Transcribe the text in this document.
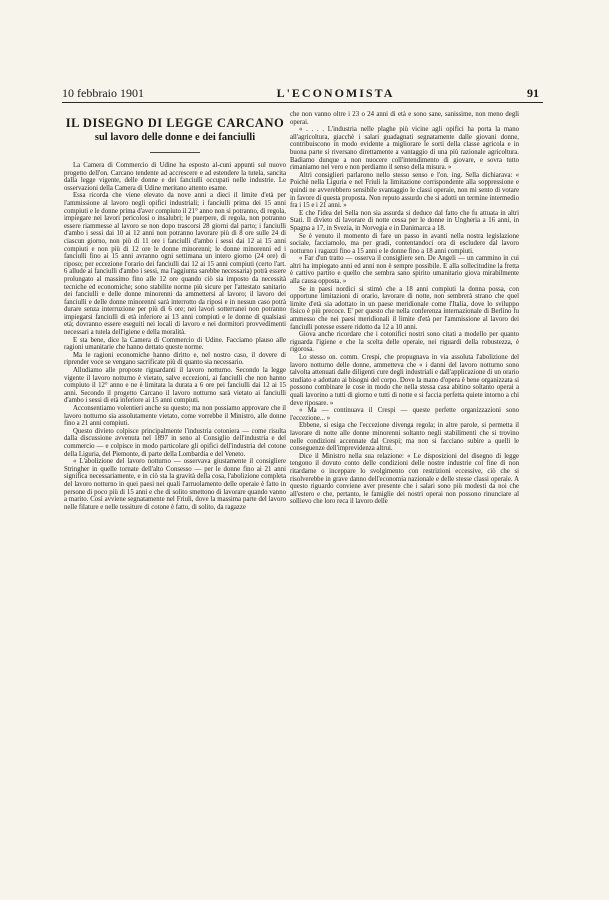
10 febbraio 1901	L'ECONOMISTA	91
IL DISEGNO DI LEGGE CARCANO
sul lavoro delle donne e dei fanciulli

La Camera di Commercio di Udine ha esposto al-cuni appunti sul nuovo progetto dell'on. Carcano tendente ad accrescere e ad estendere la tutela, sancita dalla legge vigente, delle donne e dei fanciulli occupati nelle industrie. Le osservazioni della Camera di Udine meritano attento esame.

Essa ricorda che viene elevato da nove anni a dieci il limite d'età per l'ammissione al lavoro negli opifici industriali; i fanciulli prima dei 15 anni compiuti e le donne prima d'aver compiuto il 21° anno non si potranno, di regola, impiegare nei lavori pericolosi o insalubri; le puerpere, di regola, non potranno essere riammesse al lavoro se non dopo trascorsi 28 giorni dal parto; i fanciulli d'ambo i sessi dai 10 ai 12 anni non potranno lavorare più di 8 ore sulle 24 di ciascun giorno, non più di 11 ore i fanciulli d'ambo i sessi dai 12 ai 15 anni compiuti e non più di 12 ore le donne minorenni; le donne minorenni ed i fanciulli fino ai 15 anni avranno ogni settimana un intero giorno (24 ore) di riposo; per eccezione l'orario dei fanciulli dai 12 ai 15 anni compiuti (certo l'art. 6 allude ai fanciulli d'ambo i sessi, ma l'aggiunta sarebbe necessaria) potrà essere prolungato al massimo fino alle 12 ore quando ciò sia imposto da necessità tecniche ed economiche; sono stabilite norme più sicure per l'attestato sanitario dei fanciulli e delle donne minorenni da ammettersi al lavoro; il lavoro dei fanciulli e delle donne minorenni sarà interrotto da riposi e in nessun caso potrà durare senza interruzione per più di 6 ore; nei lavori sotterranei non potranno impiegarsi fanciulli di età inferiore ai 13 anni compiuti e le donne di qualsiasi età; dovranno essere eseguiti nei locali di lavoro e nei dormitori provvedimenti necessari a tutela dell'igiene e della moralità.

E sta bene, dice la Camera di Commercio di Udine. Facciamo plauso alle ragioni umanitarie che hanno dettato queste norme.

Ma le ragioni economiche hanno diritto e, nel nostro caso, il dovere di riprender voce se vengano sacrificate più di quanto sia necessario.

Alludiamo alle proposte riguardanti il lavoro notturno. Secondo la legge vigente il lavoro notturno è vietato, salve eccezioni, ai fanciulli che non hanno compiuto il 12° anno e ne è limitata la durata a 6 ore pei fanciulli dai 12 ai 15 anni. Secondo il progetto Carcano il lavoro notturno sarà vietato ai fanciulli d'ambo i sessi di età inferiore ai 15 anni compiuti.

Acconsentiamo volentieri anche su questo; ma non possiamo approvare che il lavoro notturno sia assolutamente vietato, come vorrebbe il Ministro, alle donne fino a 21 anni compiuti.

Questo divieto colpisce principalmente l'industria cotoniera — come risulta dalla discussione avvenuta nel 1897 in seno al Consiglio dell'industria e del commercio — e colpisce in modo particolare gli opifici dell'industria del cotone della Liguria, del Piemonte, di parte della Lombardia e del Veneto.

« L'abolizione del lavoro notturno — osservava giustamente il consigliere Stringher in quelle tornate dell'alto Consesso — per le donne fino ai 21 anni significa necessariamente, e in ciò sta la gravità della cosa, l'abolizione completa del lavoro notturno in quei paesi nei quali l'arruolamento delle operaie è fatto in persone di poco più di 15 anni e che di solito smettono di lavorare quando vanno a marito. Così avviene segnatamente nel Friuli, dove la massima parte del lavoro nelle filature e nelle tessiture di cotone è fatto, di solito, da ragazze

che non vanno oltre i 23 o 24 anni di età e sono sane, sanissime, non meno degli operai.

« . . . . L'industria nelle plaghe più vicine agli opifici ha porta la mano all'agricoltura, giacchè i salari guadagnati segnatamente dalle giovani donne, contribuiscono in modo evidente a migliorare le sorti della classe agricola e in buona parte si riversano direttamente a vantaggio di una più razionale agricoltura. Badiamo dunque a non nuocere coll'intendimento di giovare, e sovra tutto rimaniamo nel vero e non perdiamo il senso della misura. »

Altri consiglieri parlarono nello stesso senso e l'on. ing. Sella dichiarava: « Poichè nella Liguria e nel Friuli la limitazione corrispondente alla soppressione e quindi ne avverebbero sensibile svantaggio le classi operaie, non mi sento di votare in favore di questa proposta. Non reputo assurdo che si adotti un termine intermedio fra i 15 e i 21 anni. »

E che l'idea del Sella non sia assurda si deduce dal fatto che fu attuata in altri Stati. Il divieto di lavorare di notte cessa per le donne in Ungheria a 16 anni, in Spagna a 17, in Svezia, in Norvegia e in Danimarca a 18.

Se è venuto il momento di fare un passo in avanti nella nostra legislazione sociale, facciamolo, ma per gradi, contentandoci ora di escludere dal lavoro notturno i ragazzi fino a 15 anni e le donne fino a 18 anni compiuti.

« Far d'un tratto — osserva il consigliere sen. De Angeli — un cammino in cui altri ha impiegato anni ed anni non è sempre possibile. E alla sollecitudine la fretta è cattivo partito e quello che sembra sano spirito umanitario giova mirabilmente alla causa opposta. »

Se in paesi nordici si stimò che a 18 anni compiuti la donna possa, con opportune limitazioni di orario, lavorare di notte, non sembrerà strano che quel limite d'età sia adottato in un paese meridionale come l'Italia, dove lo sviluppo fisico è più precoce. E' per questo che nella conferenza internazionale di Berlino fu ammesso che nei paesi meridionali il limite d'età per l'ammissione al lavoro dei fanciulli potesse essere ridotto da 12 a 10 anni.

Giova anche ricordare che i cotonifici nostri sono citati a modello per quanto riguarda l'igiene e che la scelta delle operaie, nei riguardi della robustezza, è rigorosa.

Lo stesso on. comm. Crespi, che propugnava in via assoluta l'abolizione del lavoro notturno delle donne, ammetteva che « i danni del lavoro notturno sono talvolta attenuati dalle diligenti cure degli industriali e dall'applicazione di un orario studiato e adottato ai bisogni del corpo. Dove la mano d'opera è bene organizzata si possono combinare le cose in modo che nella stessa casa abitino soltanto operai a quali lavorino a tutti di giorno e tutti di notte e si faccia perfetta quiete intorno a chi deve riposare. »

« Ma — continuava il Crespi — queste perfette organizzazioni sono l'eccezione... »

Ebbene, si esiga che l'eccezione divenga regola; in altre parole, si permetta il lavorare di notte alle donne minorenni soltanto negli stabilimenti che si trovino nelle condizioni accennate dal Crespi; ma non si facciano subire a quelli le conseguenze dell'imprevidenza altrui.

Dice il Ministro nella sua relazione: « Le disposizioni del disegno di legge tengono il dovuto conto delle condizioni delle nostre industrie col fine di non ritardarne o inceppare lo svolgimento con restrizioni eccessive, ciò che si risolverebbe in grave danno dell'economia nazionale e delle stesse classi operaie. A questo riguardo conviene aver presente che i salari sono più modesti da noi che all'estero e che, pertanto, le famiglie dei nostri operai non possono rinunciare al sollievo che loro reca il lavoro delle
